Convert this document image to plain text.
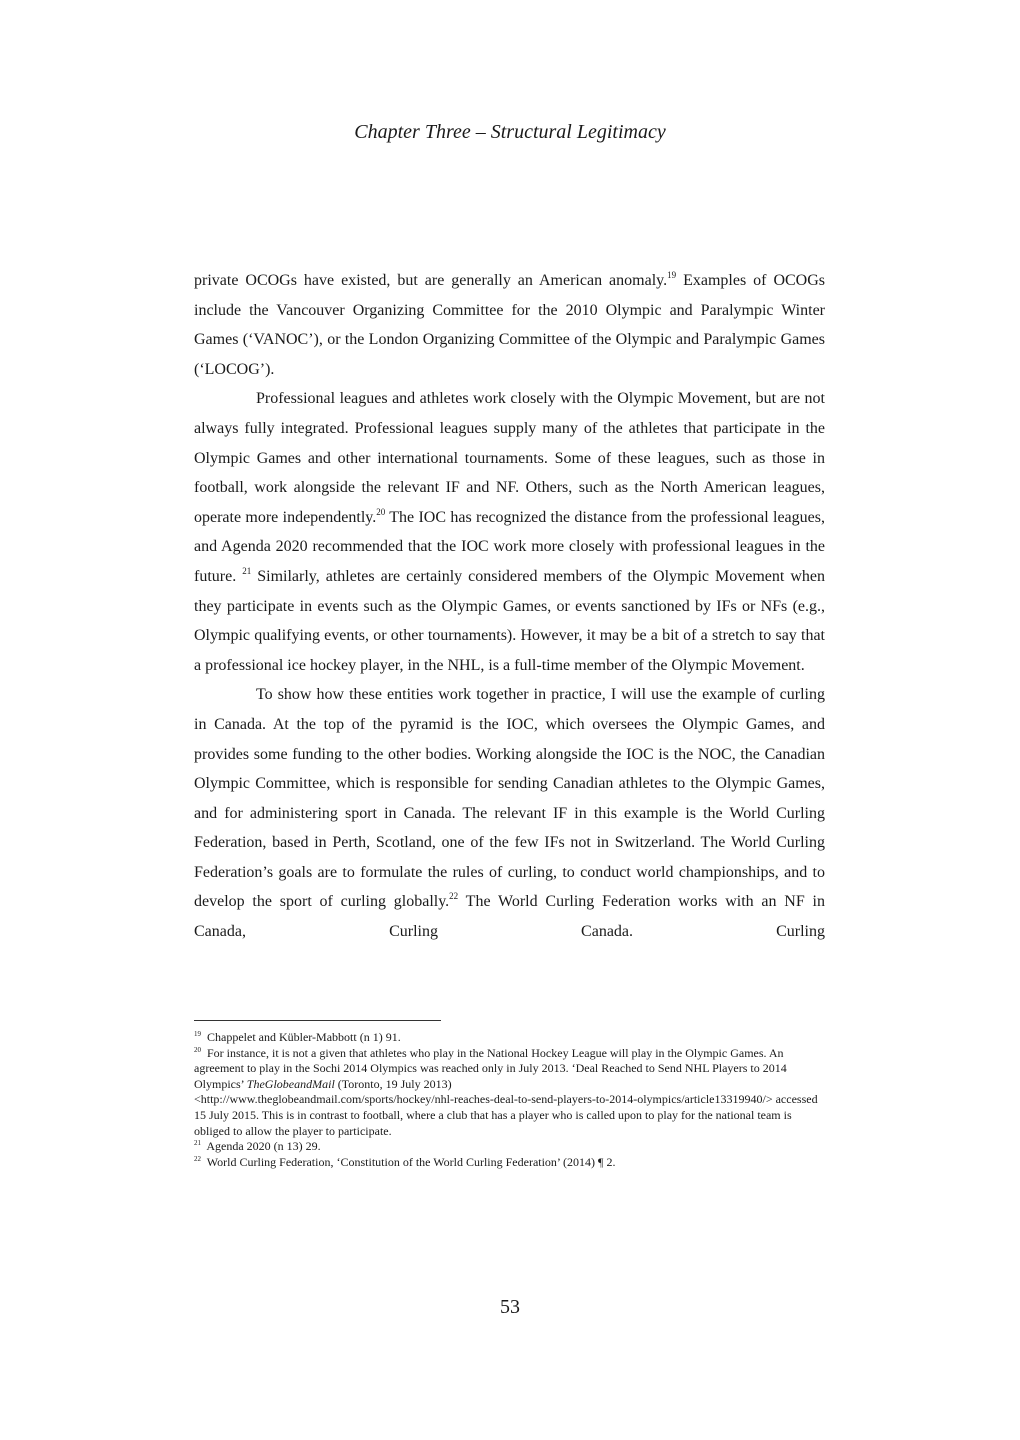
Chapter Three – Structural Legitimacy

private OCOGs have existed, but are generally an American anomaly.$^{19}$ Examples of OCOGs include the Vancouver Organizing Committee for the 2010 Olympic and Paralympic Winter Games (‘VANOC’), or the London Organizing Committee of the Olympic and Paralympic Games (‘LOCOG’).

Professional leagues and athletes work closely with the Olympic Movement, but are not always fully integrated. Professional leagues supply many of the athletes that participate in the Olympic Games and other international tournaments. Some of these leagues, such as those in football, work alongside the relevant IF and NF. Others, such as the North American leagues, operate more independently.$^{20}$ The IOC has recognized the distance from the professional leagues, and Agenda 2020 recommended that the IOC work more closely with professional leagues in the future. $^{21}$ Similarly, athletes are certainly considered members of the Olympic Movement when they participate in events such as the Olympic Games, or events sanctioned by IFs or NFs (e.g., Olympic qualifying events, or other tournaments). However, it may be a bit of a stretch to say that a professional ice hockey player, in the NHL, is a full-time member of the Olympic Movement.

To show how these entities work together in practice, I will use the example of curling in Canada. At the top of the pyramid is the IOC, which oversees the Olympic Games, and provides some funding to the other bodies. Working alongside the IOC is the NOC, the Canadian Olympic Committee, which is responsible for sending Canadian athletes to the Olympic Games, and for administering sport in Canada. The relevant IF in this example is the World Curling Federation, based in Perth, Scotland, one of the few IFs not in Switzerland. The World Curling Federation’s goals are to formulate the rules of curling, to conduct world championships, and to develop the sport of curling globally.$^{22}$ The World Curling Federation works with an NF in Canada, Curling Canada. Curling

$^{19}$ Chappelet and Kübler-Mabbott (n 1) 91.

$^{20}$ For instance, it is not a given that athletes who play in the National Hockey League will play in the Olympic Games. An agreement to play in the Sochi 2014 Olympics was reached only in July 2013. ‘Deal Reached to Send NHL Players to 2014 Olympics’ TheGlobeandMail (Toronto, 19 July 2013)
<http://www.theglobeandmail.com/sports/hockey/nhl-reaches-deal-to-send-players-to-2014-olympics/article13319940/> accessed 15 July 2015. This is in contrast to football, where a club that has a player who is called upon to play for the national team is obliged to allow the player to participate.

$^{21}$ Agenda 2020 (n 13) 29.

$^{22}$ World Curling Federation, ‘Constitution of the World Curling Federation’ (2014) ¶ 2.

53
